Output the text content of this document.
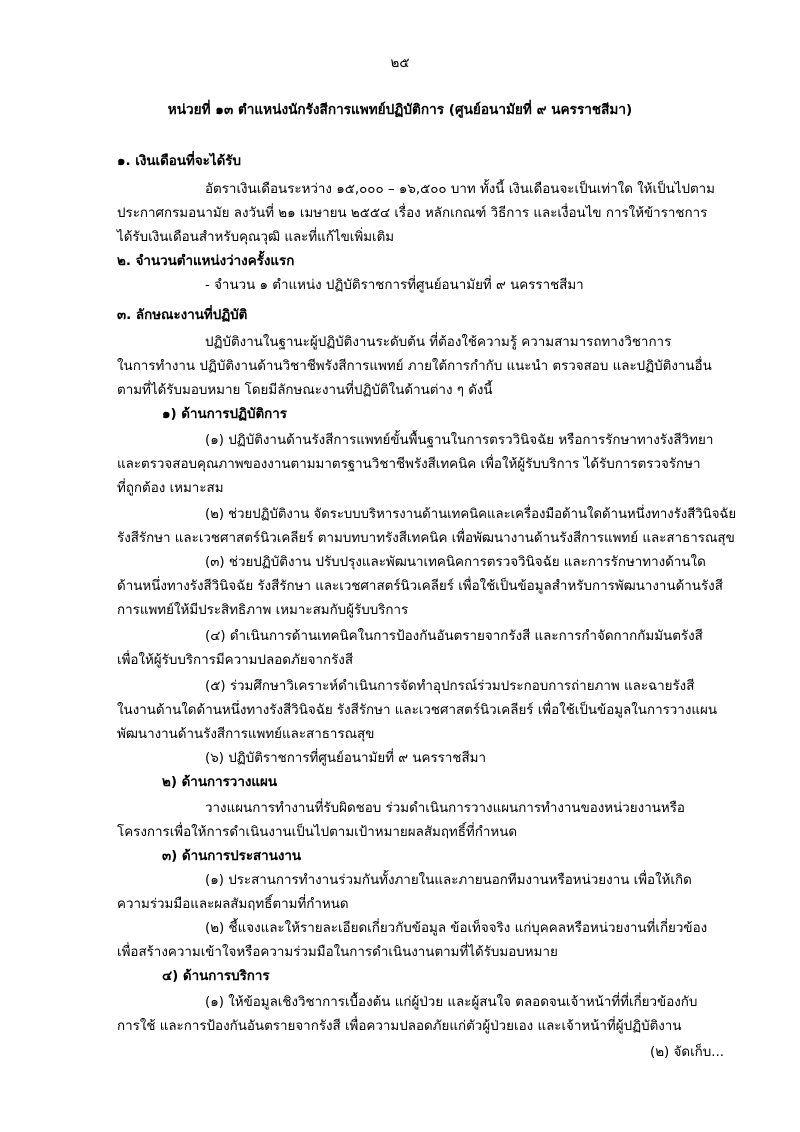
๒๕
หน่วยที่ ๑๓ ตำแหน่งนักรังสีการแพทย์ปฏิบัติการ (ศูนย์อนามัยที่ ๙ นครราชสีมา)
๑. เงินเดือนที่จะได้รับ
อัตราเงินเดือนระหว่าง ๑๕,๐๐๐ – ๑๖,๕๐๐ บาท ทั้งนี้ เงินเดือนจะเป็นเท่าใด ให้เป็นไปตาม
ประกาศกรมอนามัย ลงวันที่ ๒๑ เมษายน ๒๕๕๔ เรื่อง หลักเกณฑ์ วิธีการ และเงื่อนไข การให้ข้าราชการ
ได้รับเงินเดือนสำหรับคุณวุฒิ และที่แก้ไขเพิ่มเติม
๒. จำนวนตำแหน่งว่างครั้งแรก
- จำนวน ๑ ตำแหน่ง ปฏิบัติราชการที่ศูนย์อนามัยที่ ๙ นครราชสีมา
๓. ลักษณะงานที่ปฏิบัติ
ปฏิบัติงานในฐานะผู้ปฏิบัติงานระดับต้น ที่ต้องใช้ความรู้ ความสามารถทางวิชาการ
ในการทำงาน ปฏิบัติงานด้านวิชาชีพรังสีการแพทย์ ภายใต้การกำกับ แนะนำ ตรวจสอบ และปฏิบัติงานอื่น
ตามที่ได้รับมอบหมาย โดยมีลักษณะงานที่ปฏิบัติในด้านต่าง ๆ ดังนี้
๑) ด้านการปฏิบัติการ
(๑) ปฏิบัติงานด้านรังสีการแพทย์ขั้นพื้นฐานในการตรววินิจฉัย หรือการรักษาทางรังสีวิทยา
และตรวจสอบคุณภาพของงานตามมาตรฐานวิชาชีพรังสีเทคนิค เพื่อให้ผู้รับบริการ ได้รับการตรวจรักษา
ที่ถูกต้อง เหมาะสม
(๒) ช่วยปฏิบัติงาน จัดระบบบริหารงานด้านเทคนิคและเครื่องมือด้านใดด้านหนึ่งทางรังสีวินิจฉัย
รังสีรักษา และเวชศาสตร์นิวเคลียร์ ตามบทบาทรังสีเทคนิค เพื่อพัฒนางานด้านรังสีการแพทย์ และสาธารณสุข
(๓) ช่วยปฏิบัติงาน ปรับปรุงและพัฒนาเทคนิคการตรวจวินิจฉัย และการรักษาทางด้านใด
ด้านหนึ่งทางรังสีวินิจฉัย รังสีรักษา และเวชศาสตร์นิวเคลียร์ เพื่อใช้เป็นข้อมูลสำหรับการพัฒนางานด้านรังสี
การแพทย์ให้มีประสิทธิภาพ เหมาะสมกับผู้รับบริการ
(๔) ดำเนินการด้านเทคนิคในการป้องกันอันตรายจากรังสี และการกำจัดกากกัมมันตรังสี
เพื่อให้ผู้รับบริการมีความปลอดภัยจากรังสี
(๕) ร่วมศึกษาวิเคราะห์ดำเนินการจัดทำอุปกรณ์ร่วมประกอบการถ่ายภาพ และฉายรังสี
ในงานด้านใดด้านหนึ่งทางรังสีวินิจฉัย รังสีรักษา และเวชศาสตร์นิวเคลียร์ เพื่อใช้เป็นข้อมูลในการวางแผน
พัฒนางานด้านรังสีการแพทย์และสาธารณสุข
(๖) ปฏิบัติราชการที่ศูนย์อนามัยที่ ๙ นครราชสีมา
๒) ด้านการวางแผน
วางแผนการทำงานที่รับผิดชอบ ร่วมดำเนินการวางแผนการทำงานของหน่วยงานหรือ
โครงการเพื่อให้การดำเนินงานเป็นไปตามเป้าหมายผลสัมฤทธิ์ที่กำหนด
๓) ด้านการประสานงาน
(๑) ประสานการทำงานร่วมกันทั้งภายในและภายนอกทีมงานหรือหน่วยงาน เพื่อให้เกิด
ความร่วมมือและผลสัมฤทธิ์ตามที่กำหนด
(๒) ชี้แจงและให้รายละเอียดเกี่ยวกับข้อมูล ข้อเท็จจริง แก่บุคคลหรือหน่วยงานที่เกี่ยวข้อง
เพื่อสร้างความเข้าใจหรือความร่วมมือในการดำเนินงานตามที่ได้รับมอบหมาย
๔) ด้านการบริการ
(๑) ให้ข้อมูลเชิงวิชาการเบื้องต้น แก่ผู้ป่วย และผู้สนใจ ตลอดจนเจ้าหน้าที่ที่เกี่ยวข้องกับ
การใช้ และการป้องกันอันตรายจากรังสี เพื่อความปลอดภัยแก่ตัวผู้ป่วยเอง และเจ้าหน้าที่ผู้ปฏิบัติงาน
(๒) จัดเก็บ...
